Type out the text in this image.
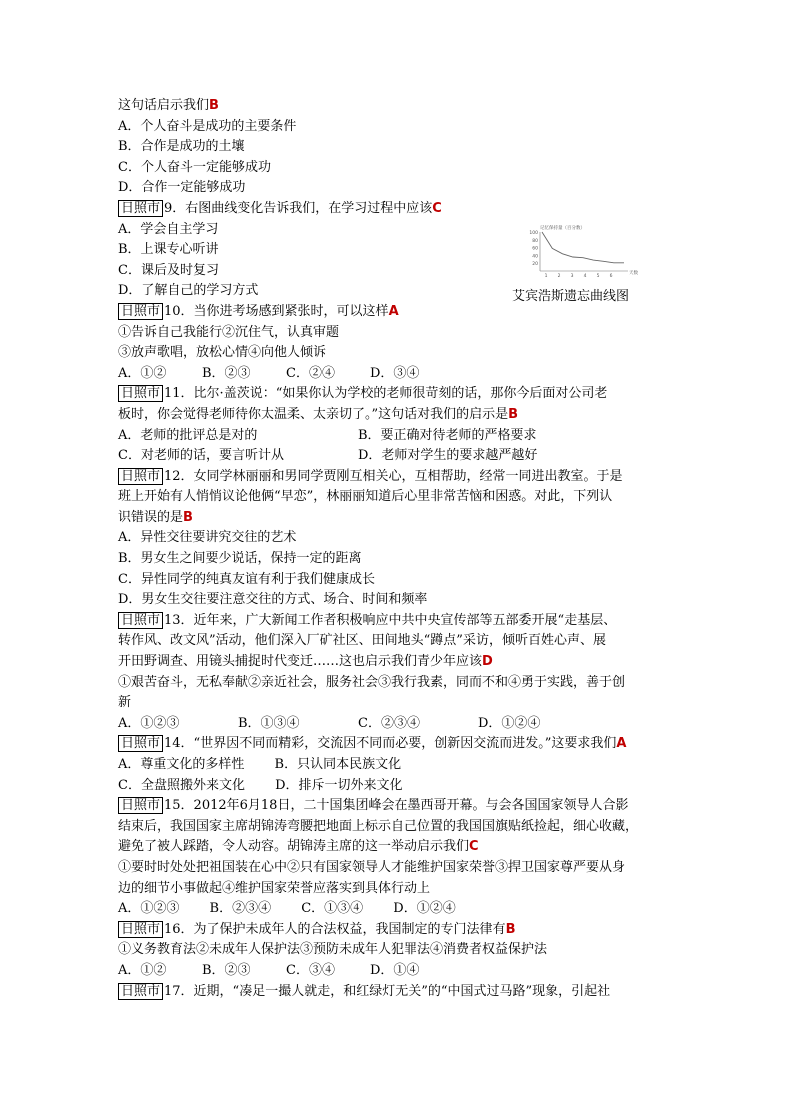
这句话启示我们B
A．个人奋斗是成功的主要条件
B．合作是成功的土壤
C．个人奋斗一定能够成功
D．合作一定能够成功
日照市 9．右图曲线变化告诉我们，在学习过程中应该C
A．学会自主学习
B．上课专心听讲
C．课后及时复习
D．了解自己的学习方式
日照市 10．当你进考场感到紧张时，可以这样A
①告诉自己我能行②沉住气，认真审题
③放声歌唱，放松心情④向他人倾诉
A．①②	B．②③	C．②④	D．③④
日照市 11．比尔·盖茨说：“如果你认为学校的老师很苛刻的话，那你今后面对公司老
板时，你会觉得老师待你太温柔、太亲切了。”这句话对我们的启示是B
A．老师的批评总是对的	B．要正确对待老师的严格要求
C．对老师的话，要言听计从	D．老师对学生的要求越严越好
日照市 12．女同学林丽丽和男同学贾刚互相关心，互相帮助，经常一同进出教室。于是
班上开始有人悄悄议论他俩“早恋”，林丽丽知道后心里非常苦恼和困惑。对此，下列认
识错误的是B
A．异性交往要讲究交往的艺术
B．男女生之间要少说话，保持一定的距离
C．异性同学的纯真友谊有利于我们健康成长
D．男女生交往要注意交往的方式、场合、时间和频率
日照市 13．近年来，广大新闻工作者积极响应中共中央宣传部等五部委开展“走基层、
转作风、改文风”活动，他们深入厂矿社区、田间地头“蹲点”采访，倾听百姓心声、展
开田野调查、用镜头捕捉时代变迁……这也启示我们青少年应该D
①艰苦奋斗，无私奉献②亲近社会，服务社会③我行我素，同而不和④勇于实践，善于创
新
A．①②③	B．①③④	C．②③④	D．①②④
日照市 14．“世界因不同而精彩，交流因不同而必要，创新因交流而进发。”这要求我们A
A．尊重文化的多样性　　 B．只认同本民族文化
C．全盘照搬外来文化　　 D．排斥一切外来文化
日照市 15．2012年6月18日，二十国集团峰会在墨西哥开幕。与会各国国家领导人合影
结束后，我国国家主席胡锦涛弯腰把地面上标示自己位置的我国国旗贴纸捡起，细心收藏，
避免了被人踩踏，令人动容。胡锦涛主席的这一举动启示我们C
①要时时处处把祖国装在心中②只有国家领导人才能维护国家荣誉③捍卫国家尊严要从身
边的细节小事做起④维护国家荣誉应落实到具体行动上
A．①②③　　 B．②③④　　 C．①③④　　 D．①②④
日照市 16．为了保护未成年人的合法权益，我国制定的专门法律有B
①义务教育法②未成年人保护法③预防未成年人犯罪法④消费者权益保护法
A．①②	B．②③	C．③④	D．①④
日照市 17．近期，“凑足一撮人就走，和红绿灯无关”的“中国式过马路”现象，引起社
记忆保持量（百分数）
天数
100
80
60
40
20
1 2 3 4 5 6
艾宾浩斯遗忘曲线图
